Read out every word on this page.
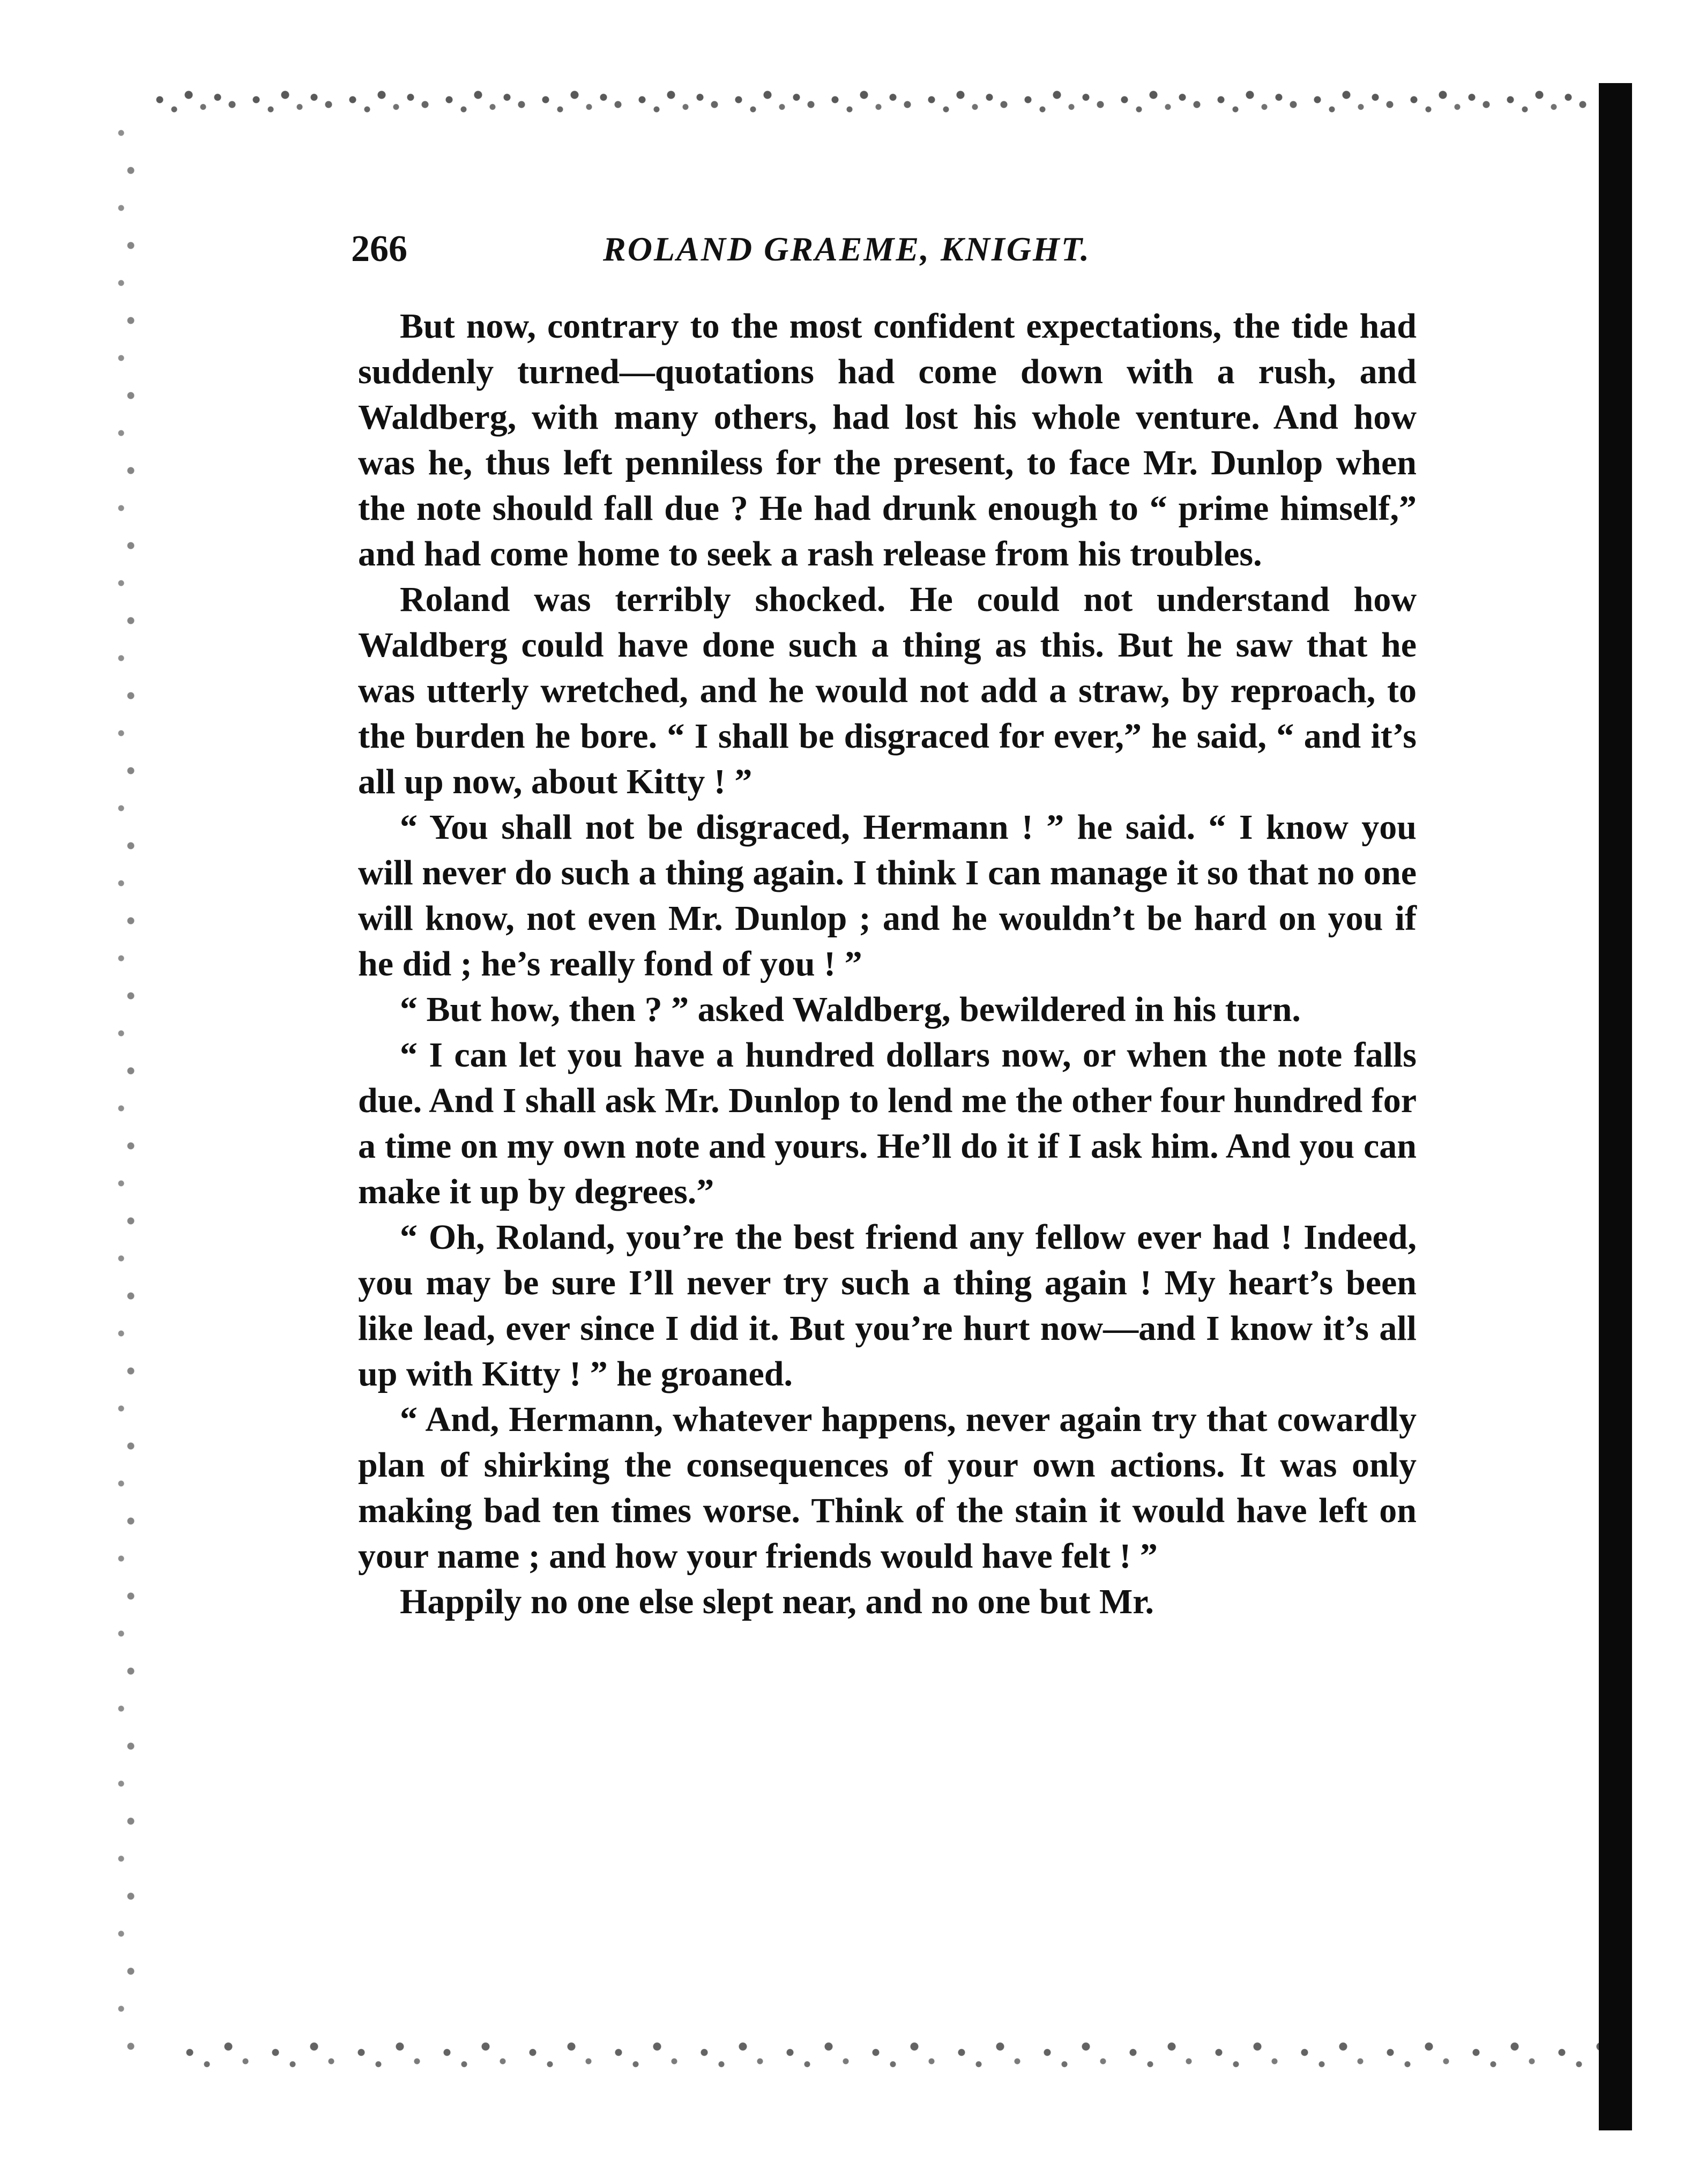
266	ROLAND GRAEME, KNIGHT.

But now, contrary to the most confident expectations, the tide had suddenly turned—quotations had come down with a rush, and Waldberg, with many others, had lost his whole venture. And how was he, thus left penniless for the present, to face Mr. Dunlop when the note should fall due ? He had drunk enough to “ prime himself,” and had come home to seek a rash release from his troubles.

Roland was terribly shocked. He could not understand how Waldberg could have done such a thing as this. But he saw that he was utterly wretched, and he would not add a straw, by reproach, to the burden he bore. “ I shall be disgraced for ever,” he said, “ and it’s all up now, about Kitty ! ”

“ You shall not be disgraced, Hermann ! ” he said. “ I know you will never do such a thing again. I think I can manage it so that no one will know, not even Mr. Dunlop ; and he wouldn’t be hard on you if he did ; he’s really fond of you ! ”

“ But how, then ? ” asked Waldberg, bewildered in his turn.

“ I can let you have a hundred dollars now, or when the note falls due. And I shall ask Mr. Dunlop to lend me the other four hundred for a time on my own note and yours. He’ll do it if I ask him. And you can make it up by degrees.”

“ Oh, Roland, you’re the best friend any fellow ever had ! Indeed, you may be sure I’ll never try such a thing again ! My heart’s been like lead, ever since I did it. But you’re hurt now—and I know it’s all up with Kitty ! ” he groaned.

“ And, Hermann, whatever happens, never again try that cowardly plan of shirking the consequences of your own actions. It was only making bad ten times worse. Think of the stain it would have left on your name ; and how your friends would have felt ! ”

Happily no one else slept near, and no one but Mr.
